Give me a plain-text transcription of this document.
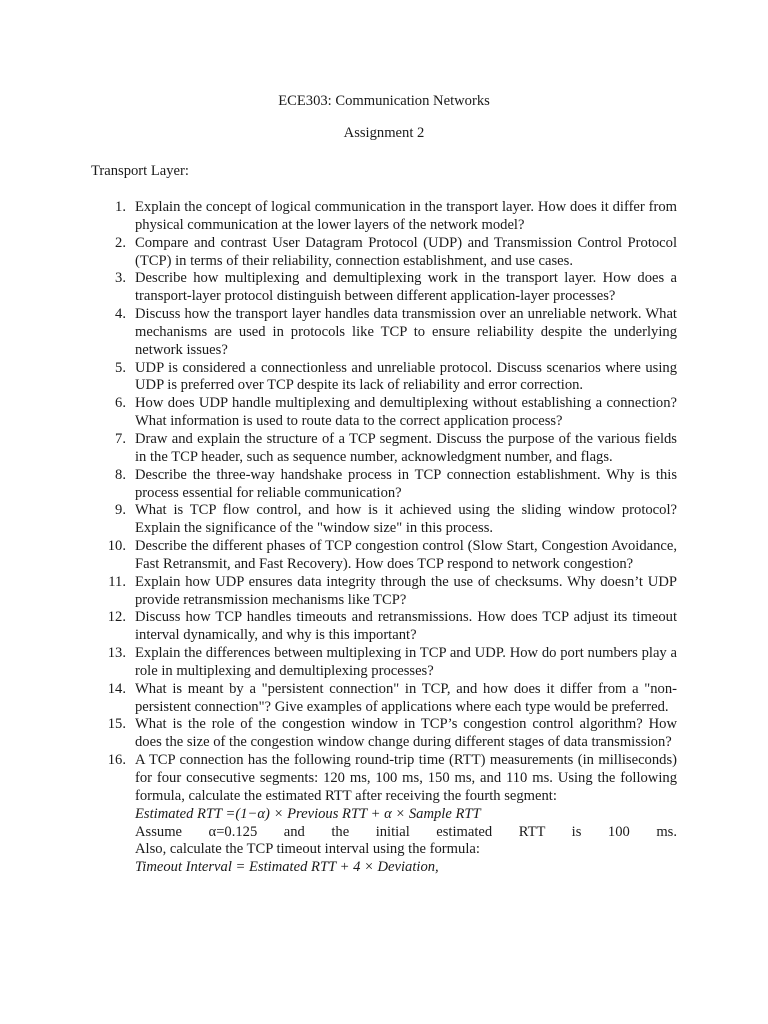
ECE303: Communication Networks
Assignment 2
Transport Layer:
1. Explain the concept of logical communication in the transport layer. How does it differ from physical communication at the lower layers of the network model?
2. Compare and contrast User Datagram Protocol (UDP) and Transmission Control Protocol (TCP) in terms of their reliability, connection establishment, and use cases.
3. Describe how multiplexing and demultiplexing work in the transport layer. How does a transport-layer protocol distinguish between different application-layer processes?
4. Discuss how the transport layer handles data transmission over an unreliable network. What mechanisms are used in protocols like TCP to ensure reliability despite the underlying network issues?
5. UDP is considered a connectionless and unreliable protocol. Discuss scenarios where using UDP is preferred over TCP despite its lack of reliability and error correction.
6. How does UDP handle multiplexing and demultiplexing without establishing a connection? What information is used to route data to the correct application process?
7. Draw and explain the structure of a TCP segment. Discuss the purpose of the various fields in the TCP header, such as sequence number, acknowledgment number, and flags.
8. Describe the three-way handshake process in TCP connection establishment. Why is this process essential for reliable communication?
9. What is TCP flow control, and how is it achieved using the sliding window protocol? Explain the significance of the "window size" in this process.
10. Describe the different phases of TCP congestion control (Slow Start, Congestion Avoidance, Fast Retransmit, and Fast Recovery). How does TCP respond to network congestion?
11. Explain how UDP ensures data integrity through the use of checksums. Why doesn’t UDP provide retransmission mechanisms like TCP?
12. Discuss how TCP handles timeouts and retransmissions. How does TCP adjust its timeout interval dynamically, and why is this important?
13. Explain the differences between multiplexing in TCP and UDP. How do port numbers play a role in multiplexing and demultiplexing processes?
14. What is meant by a "persistent connection" in TCP, and how does it differ from a "non-persistent connection"? Give examples of applications where each type would be preferred.
15. What is the role of the congestion window in TCP’s congestion control algorithm? How does the size of the congestion window change during different stages of data transmission?
16. A TCP connection has the following round-trip time (RTT) measurements (in milliseconds) for four consecutive segments: 120 ms, 100 ms, 150 ms, and 110 ms. Using the following formula, calculate the estimated RTT after receiving the fourth segment:
Estimated RTT =(1−α) × Previous RTT + α × Sample RTT
Assume α=0.125 and the initial estimated RTT is 100 ms.
Also, calculate the TCP timeout interval using the formula:
Timeout Interval = Estimated RTT + 4 × Deviation,
